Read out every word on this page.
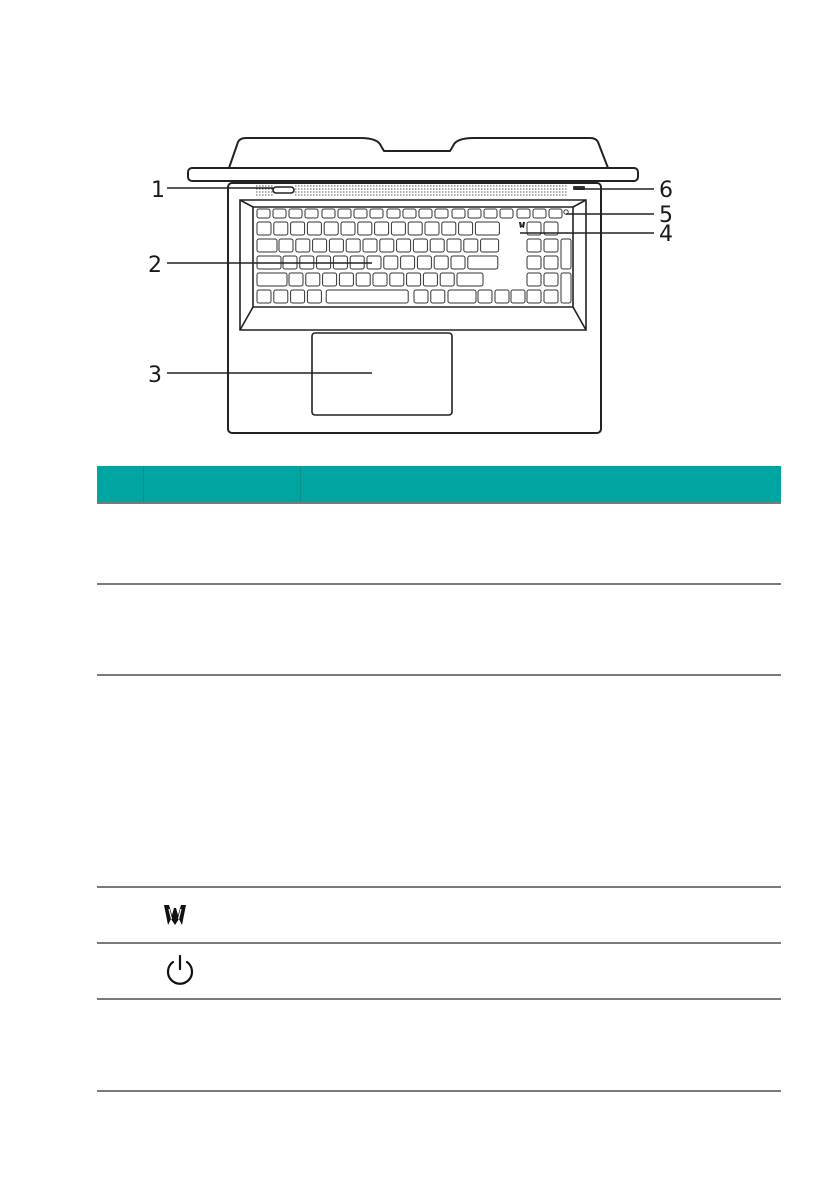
1
2
3
4
5
6
